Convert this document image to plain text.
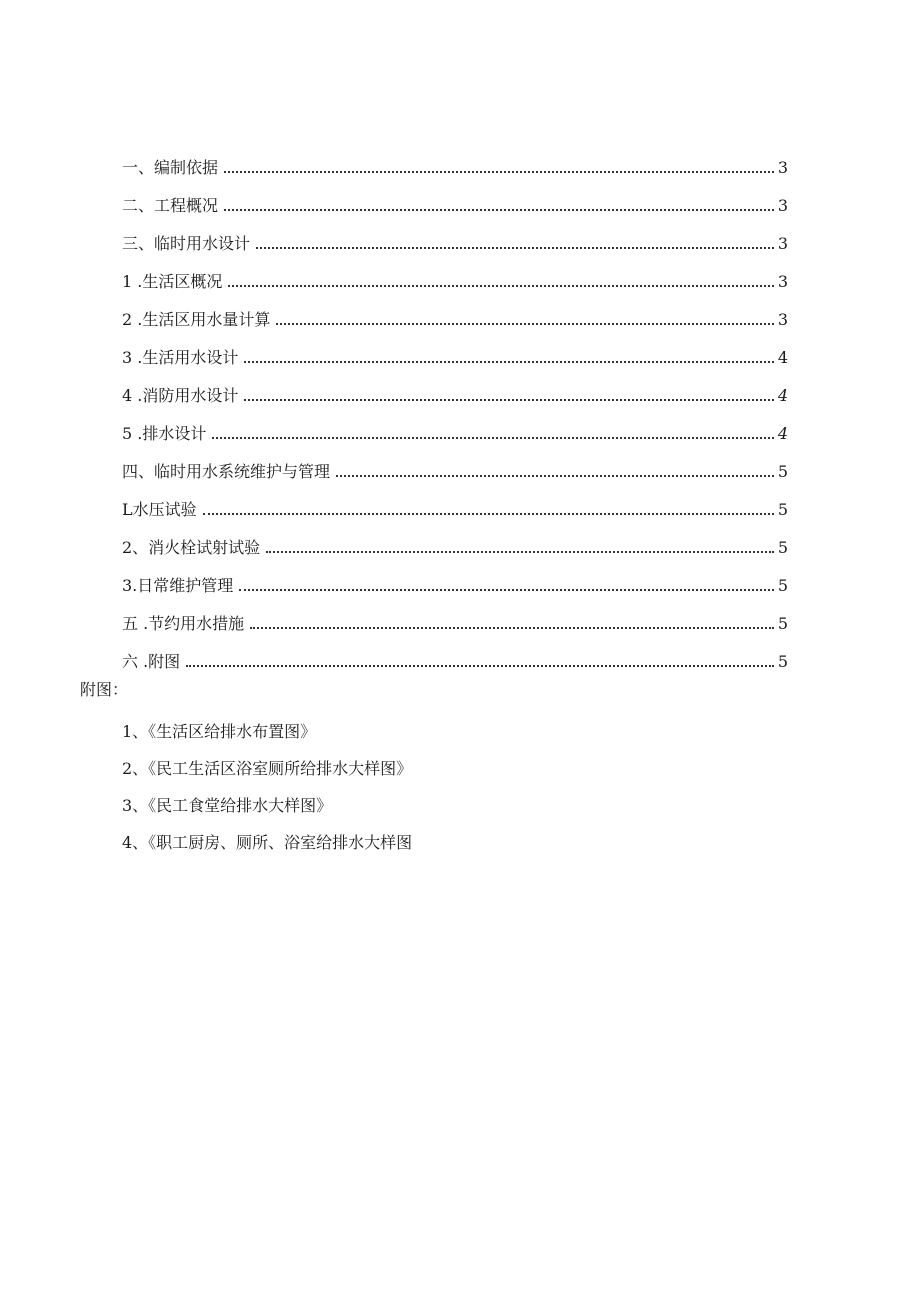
一、编制依据	3
二、工程概况	3
三、临时用水设计	3
1 .生活区概况	3
2 .生活区用水量计算	3
3 .生活用水设计	4
4 .消防用水设计	4
5 .排水设计	4
四、临时用水系统维护与管理	5
L水压试验	5
2、消火栓试射试验	5
3.日常维护管理	5
五 .节约用水措施	5
六 .附图	5
附图：
1、《生活区给排水布置图》
2、《民工生活区浴室厕所给排水大样图》
3、《民工食堂给排水大样图》
4、《职工厨房、厕所、浴室给排水大样图
